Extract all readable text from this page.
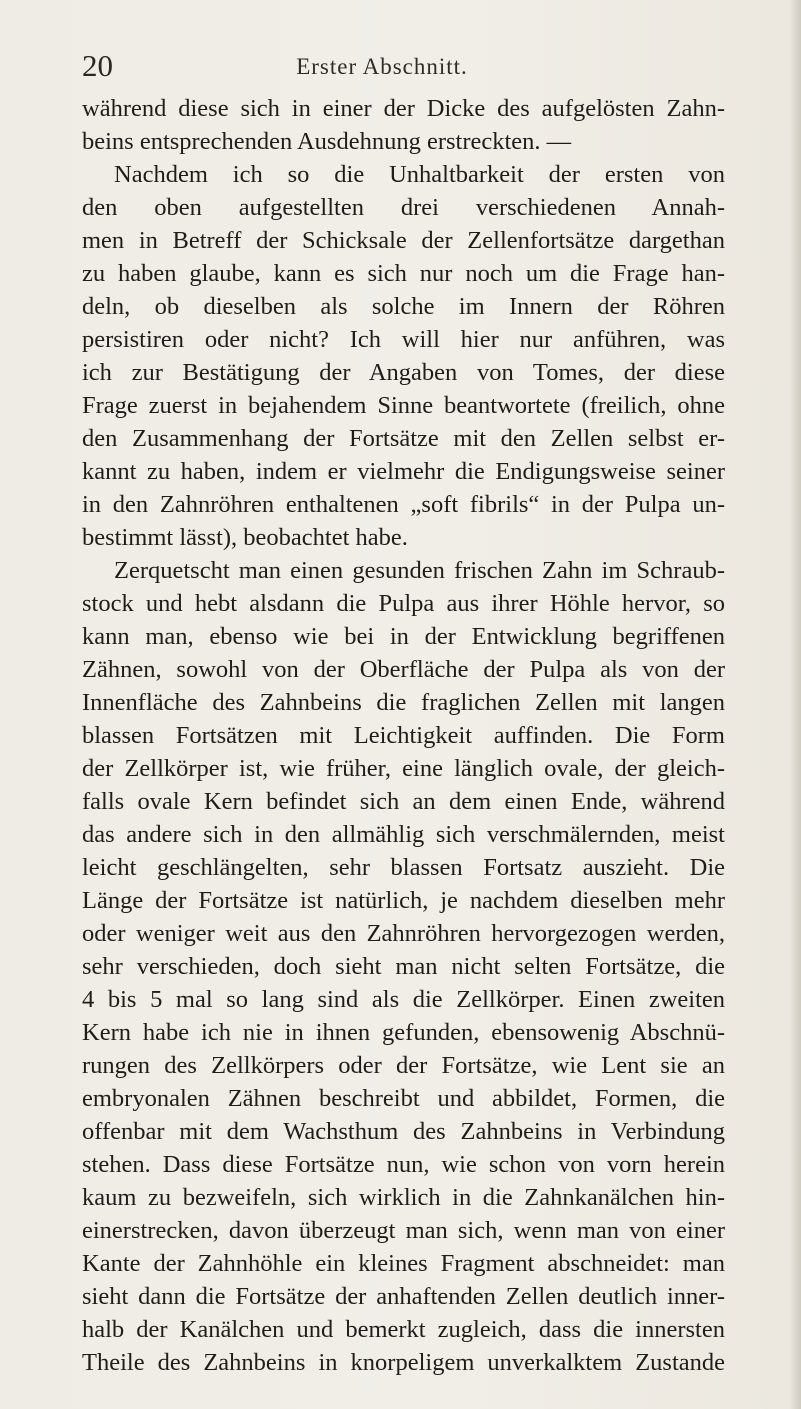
20	Erster Abschnitt.
während diese sich in einer der Dicke des aufgelösten Zahn-
beins entsprechenden Ausdehnung erstreckten. —
Nachdem ich so die Unhaltbarkeit der ersten von
den oben aufgestellten drei verschiedenen Annah-
men in Betreff der Schicksale der Zellenfortsätze dargethan
zu haben glaube, kann es sich nur noch um die Frage han-
deln, ob dieselben als solche im Innern der Röhren
persistiren oder nicht? Ich will hier nur anführen, was
ich zur Bestätigung der Angaben von Tomes, der diese
Frage zuerst in bejahendem Sinne beantwortete (freilich, ohne
den Zusammenhang der Fortsätze mit den Zellen selbst er-
kannt zu haben, indem er vielmehr die Endigungsweise seiner
in den Zahnröhren enthaltenen „soft fibrils“ in der Pulpa un-
bestimmt lässt), beobachtet habe.
Zerquetscht man einen gesunden frischen Zahn im Schraub-
stock und hebt alsdann die Pulpa aus ihrer Höhle hervor, so
kann man, ebenso wie bei in der Entwicklung begriffenen
Zähnen, sowohl von der Oberfläche der Pulpa als von der
Innenfläche des Zahnbeins die fraglichen Zellen mit langen
blassen Fortsätzen mit Leichtigkeit auffinden. Die Form
der Zellkörper ist, wie früher, eine länglich ovale, der gleich-
falls ovale Kern befindet sich an dem einen Ende, während
das andere sich in den allmählig sich verschmälernden, meist
leicht geschlängelten, sehr blassen Fortsatz auszieht. Die
Länge der Fortsätze ist natürlich, je nachdem dieselben mehr
oder weniger weit aus den Zahnröhren hervorgezogen werden,
sehr verschieden, doch sieht man nicht selten Fortsätze, die
4 bis 5 mal so lang sind als die Zellkörper. Einen zweiten
Kern habe ich nie in ihnen gefunden, ebensowenig Abschnü-
rungen des Zellkörpers oder der Fortsätze, wie Lent sie an
embryonalen Zähnen beschreibt und abbildet, Formen, die
offenbar mit dem Wachsthum des Zahnbeins in Verbindung
stehen. Dass diese Fortsätze nun, wie schon von vorn herein
kaum zu bezweifeln, sich wirklich in die Zahnkanälchen hin-
einerstrecken, davon überzeugt man sich, wenn man von einer
Kante der Zahnhöhle ein kleines Fragment abschneidet: man
sieht dann die Fortsätze der anhaftenden Zellen deutlich inner-
halb der Kanälchen und bemerkt zugleich, dass die innersten
Theile des Zahnbeins in knorpeligem unverkalktem Zustande
